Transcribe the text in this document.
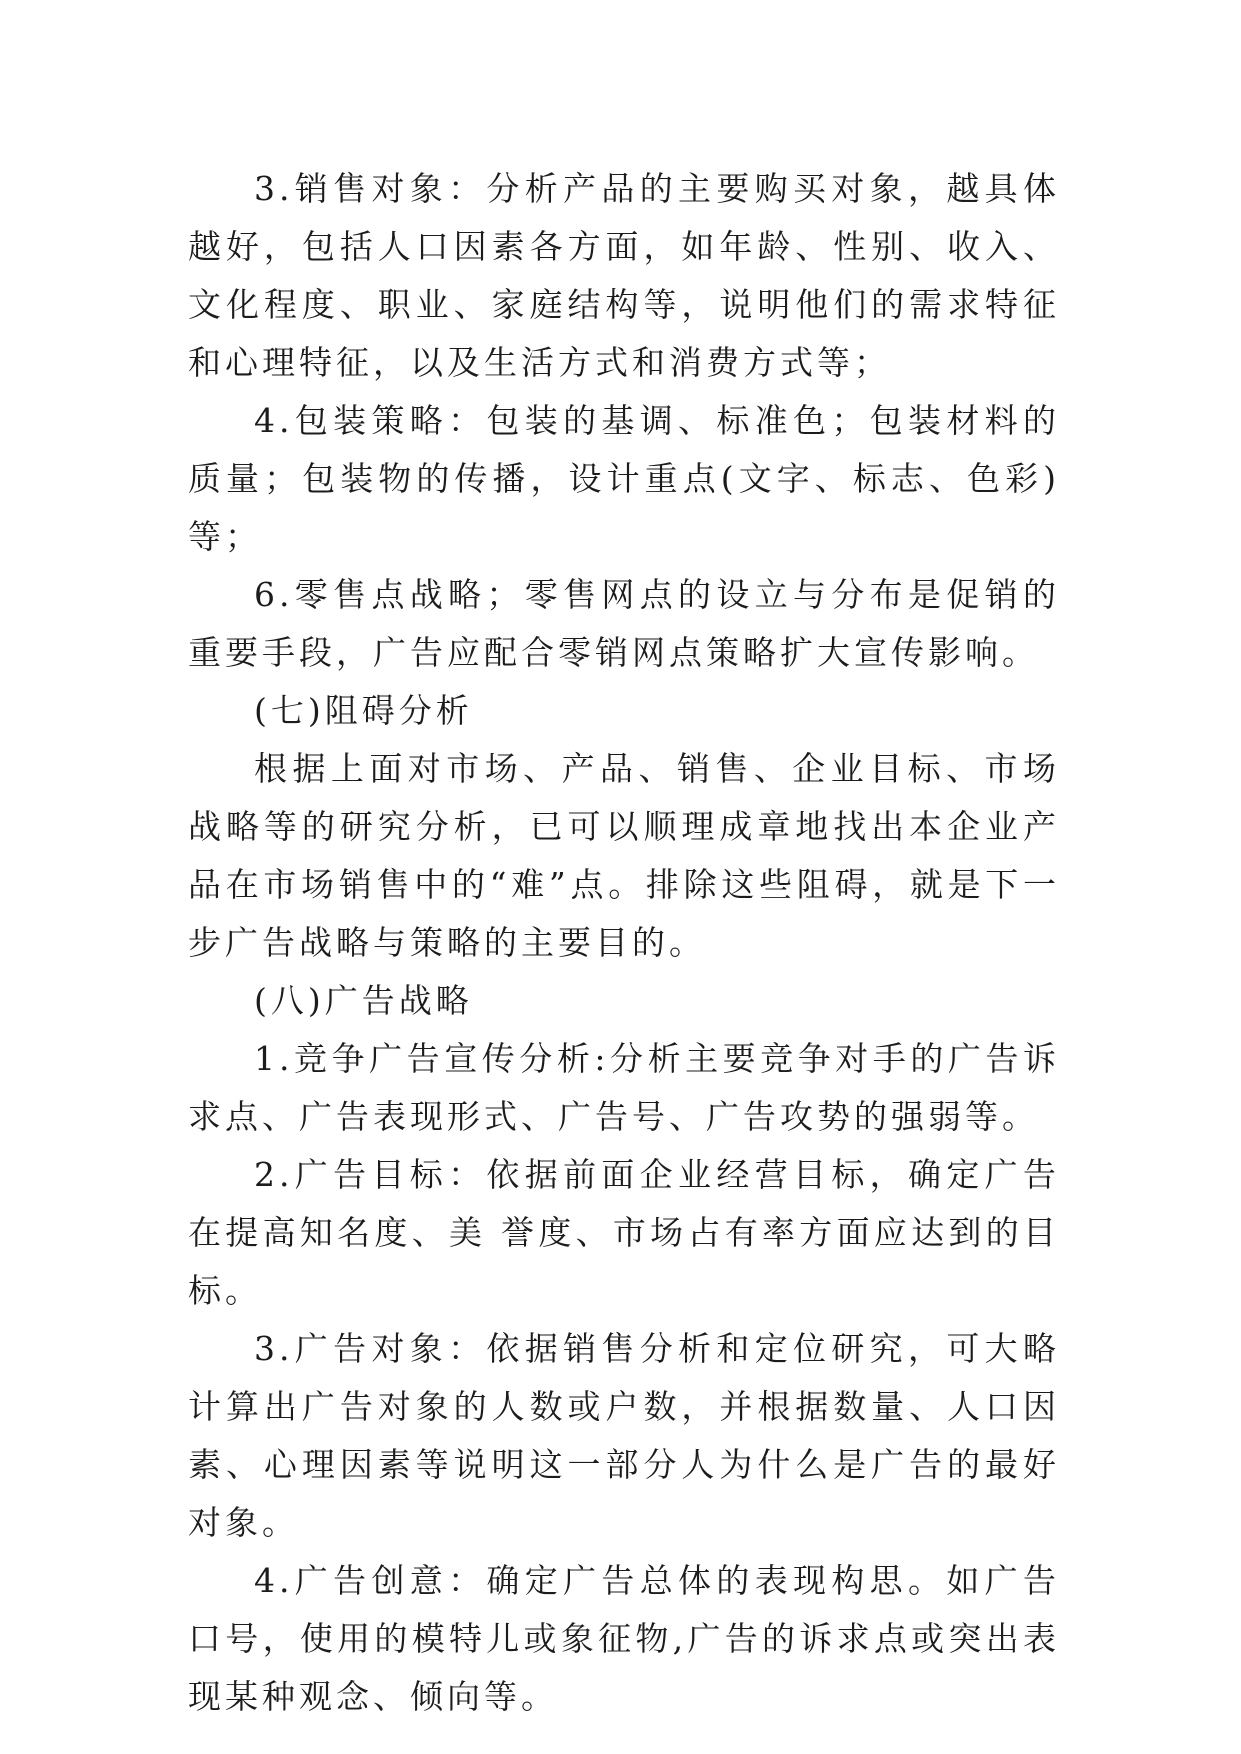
3.销售对象：分析产品的主要购买对象，越具体越好，包括人口因素各方面，如年龄、性别、收入、文化程度、职业、家庭结构等，说明他们的需求特征和心理特征，以及生活方式和消费方式等；

4.包装策略：包装的基调、标准色；包装材料的质量；包装物的传播，设计重点(文字、标志、色彩)等；

6.零售点战略；零售网点的设立与分布是促销的重要手段，广告应配合零销网点策略扩大宣传影响。

(七)阻碍分析

根据上面对市场、产品、销售、企业目标、市场战略等的研究分析，已可以顺理成章地找出本企业产品在市场销售中的“难”点。排除这些阻碍，就是下一步广告战略与策略的主要目的。

(八)广告战略

1.竞争广告宣传分析:分析主要竞争对手的广告诉求点、广告表现形式、广告号、广告攻势的强弱等。

2.广告目标：依据前面企业经营目标，确定广告在提高知名度、美 誉度、市场占有率方面应达到的目标。

3.广告对象：依据销售分析和定位研究，可大略计算出广告对象的人数或户数，并根据数量、人口因素、心理因素等说明这一部分人为什么是广告的最好对象。

4.广告创意：确定广告总体的表现构思。如广告口号，使用的模特儿或象征物,广告的诉求点或突出表现某种观念、倾向等。
